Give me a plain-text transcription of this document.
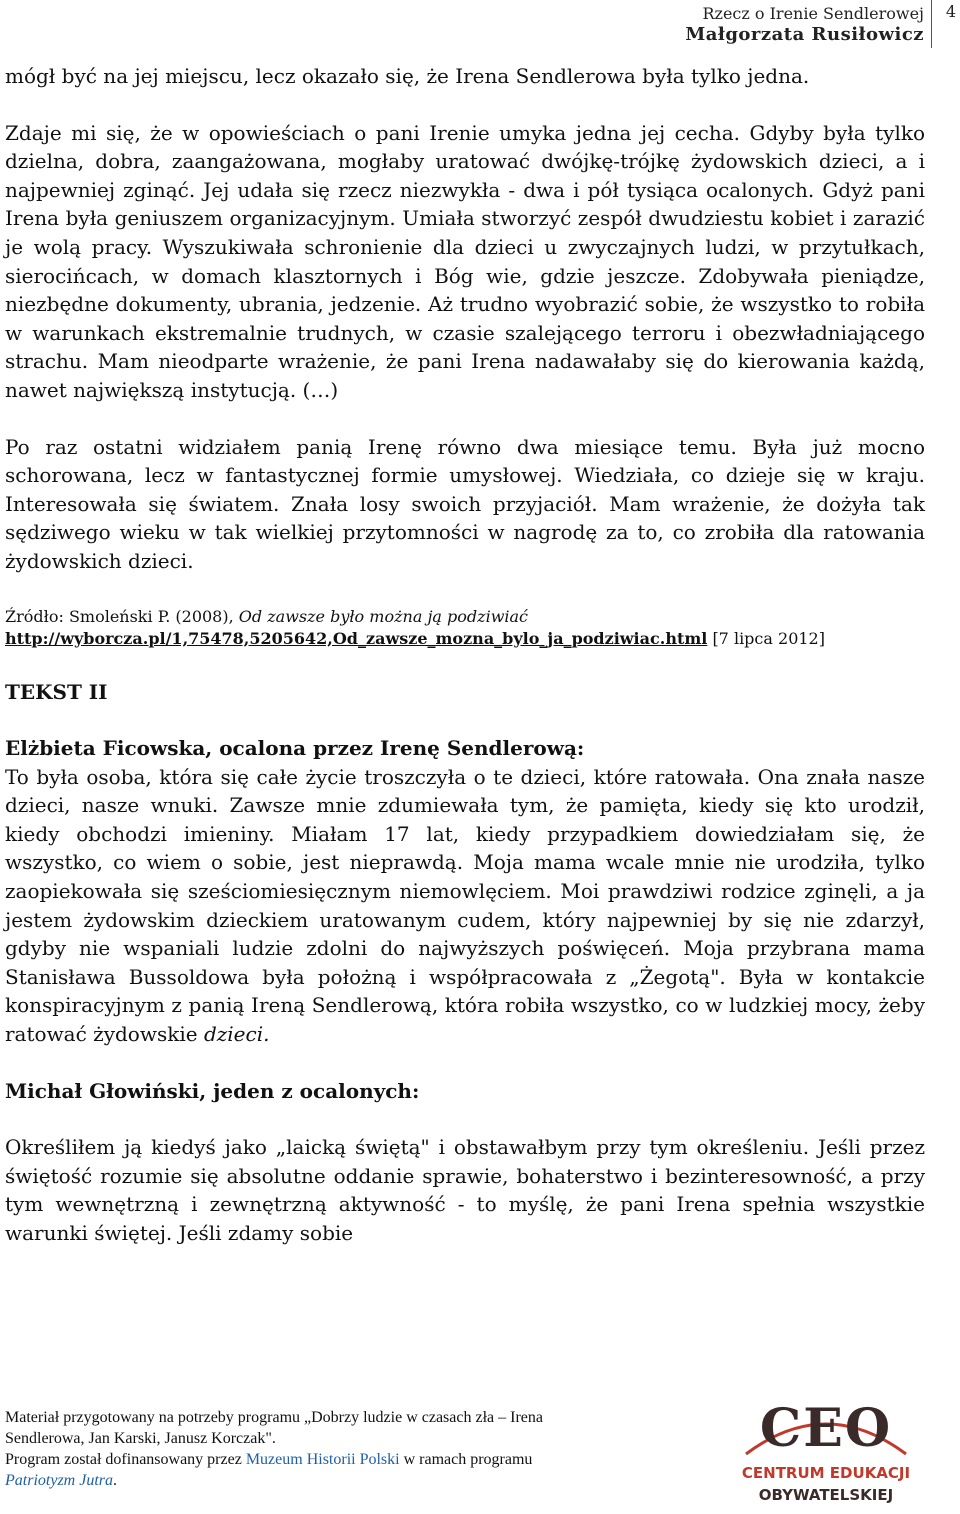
Rzecz o Irenie Sendlerowej
Małgorzata Rusiłowicz
4

mógł być na jej miejscu, lecz okazało się, że Irena Sendlerowa była tylko jedna.

Zdaje mi się, że w opowieściach o pani Irenie umyka jedna jej cecha. Gdyby była tylko dzielna, dobra, zaangażowana, mogłaby uratować dwójkę-trójkę żydowskich dzieci, a i najpewniej zginąć. Jej udała się rzecz niezwykła - dwa i pół tysiąca ocalonych. Gdyż pani Irena była geniuszem organizacyjnym. Umiała stworzyć zespół dwudziestu kobiet i zarazić je wolą pracy. Wyszukiwała schronienie dla dzieci u zwyczajnych ludzi, w przytułkach, sierocińcach, w domach klasztornych i Bóg wie, gdzie jeszcze. Zdobywała pieniądze, niezbędne dokumenty, ubrania, jedzenie. Aż trudno wyobrazić sobie, że wszystko to robiła w warunkach ekstremalnie trudnych, w czasie szalejącego terroru i obezwładniającego strachu. Mam nieodparte wrażenie, że pani Irena nadawałaby się do kierowania każdą, nawet największą instytucją. (…)

Po raz ostatni widziałem panią Irenę równo dwa miesiące temu. Była już mocno schorowana, lecz w fantastycznej formie umysłowej. Wiedziała, co dzieje się w kraju. Interesowała się światem. Znała losy swoich przyjaciół. Mam wrażenie, że dożyła tak sędziwego wieku w tak wielkiej przytomności w nagrodę za to, co zrobiła dla ratowania żydowskich dzieci.

Źródło: Smoleński P. (2008), Od zawsze było można ją podziwiać
http://wyborcza.pl/1,75478,5205642,Od_zawsze_mozna_bylo_ja_podziwiac.html [7 lipca 2012]

TEKST II

Elżbieta Ficowska, ocalona przez Irenę Sendlerową:

To była osoba, która się całe życie troszczyła o te dzieci, które ratowała. Ona znała nasze dzieci, nasze wnuki. Zawsze mnie zdumiewała tym, że pamięta, kiedy się kto urodził, kiedy obchodzi imieniny. Miałam 17 lat, kiedy przypadkiem dowiedziałam się, że wszystko, co wiem o sobie, jest nieprawdą. Moja mama wcale mnie nie urodziła, tylko zaopiekowała się sześciomiesięcznym niemowlęciem. Moi prawdziwi rodzice zginęli, a ja jestem żydowskim dzieckiem uratowanym cudem, który najpewniej by się nie zdarzył, gdyby nie wspaniali ludzie zdolni do najwyższych poświęceń. Moja przybrana mama Stanisława Bussoldowa była położną i współpracowała z „Żegotą". Była w kontakcie konspiracyjnym z panią Ireną Sendlerową, która robiła wszystko, co w ludzkiej mocy, żeby ratować żydowskie dzieci.

Michał Głowiński, jeden z ocalonych:

Określiłem ją kiedyś jako „laicką świętą" i obstawałbym przy tym określeniu. Jeśli przez świętość rozumie się absolutne oddanie sprawie, bohaterstwo i bezinteresowność, a przy tym wewnętrzną i zewnętrzną aktywność - to myślę, że pani Irena spełnia wszystkie warunki świętej. Jeśli zdamy sobie

Materiał przygotowany na potrzeby programu „Dobrzy ludzie w czasach zła – Irena Sendlerowa, Jan Karski, Janusz Korczak".
Program został dofinansowany przez Muzeum Historii Polski w ramach programu Patriotyzm Jutra.
CEO
CENTRUM EDUKACJI
OBYWATELSKIEJ
